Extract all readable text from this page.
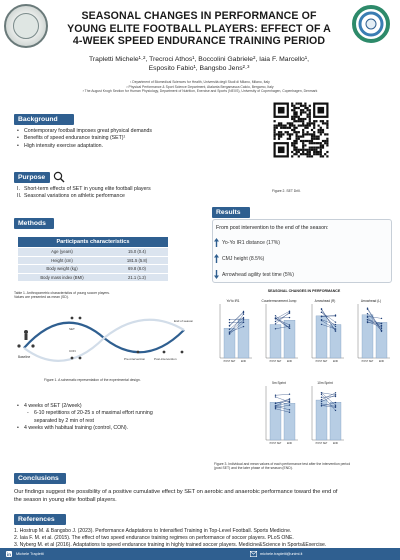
SEASONAL CHANGES IN PERFORMANCE OF
YOUNG ELITE FOOTBALL PLAYERS: EFFECT OF A
4-WEEK SPEED ENDURANCE TRAINING PERIOD
Trapletti Michele¹·², Trecroci Athos¹, Boccolini Gabriele², Iaia F. Marcello¹,
Esposito Fabio¹, Bangsbo Jens²·³
¹ Department of Biomedical Sciences for Health, Università degli Studi di Milano, Milano, Italy
² Physical Performance & Sport Science Department, Atalanta Bergamasca Calcio, Bergamo, Italy
³ The August Krogh Section for Human Physiology, Department of Nutrition, Exercise and Sports (NEXS), University of Copenhagen, Copenhagen, Denmark
Background
• Contemporary football imposes great physical demands
• Benefits of speed endurance training (SET)¹
• High intensity exercise adaptation.
Purpose
I. Short-term effects of SET in young elite football players
II. Seasonal variations on athletic performance
Figure 2. SET Drill.
Methods
Participants characteristics
Age (years)	15.0 (0.4)
Height (cm)	181.5 (5.8)
Body weight (kg)	69.8 (8.0)
Body mass index (BMI)	21.1 (1.2)
Table 1. Anthropometric characteristics of young soccer players.
Values are presented as mean (SD).
Baseline
SET
CON
Pre-intervention	Post-intervention
End of season
Figure 1. A schematic representation of the experimental design.
• 4 weeks of SET (2/week)
-	6-10 repetitions of 20-25 s of maximal effort running
separated by 2 min of rest
• 4 weeks with habitual training (control, CON).
Results
From post intervention to the end of the season:
Yo-Yo IR1 distance (17%)
CMJ height (8.5%)
Arrowhead agility test time (5%)
SEASONAL CHANGES IN PERFORMANCE
YoYo IR1
POST SET END
Countermovement Jump
POST SET END
Arrowhead (R)
POST SET END
Arrowhead (L)
POST SET END
5m Sprint
POST SET END
10m Sprint
POST SET END
Figure 3. Individual and mean values of each performance test after the intervention period
(post SET) and the later phase of the season (END).
Conclusions
Our findings suggest the possibility of a positive cumulative effect by SET on aerobic and anaerobic performance toward the end of
the season in young elite football players.
References
1. Hostrup M. & Bangsbo J. (2023). Performance Adaptations to Intensified Training in Top-Level Football. Sports Medicine.
2. Iaia F. M. et al. (2015). The effect of two speed endurance training regimes on performance of soccer players. PLoS ONE.
3. Nyberg M. et al (2016). Adaptations to speed endurance training in highly trained soccer players. Medicine&Science in Sports&Exercise.
in Michele Trapletti	michele.trapletti@unimi.it
